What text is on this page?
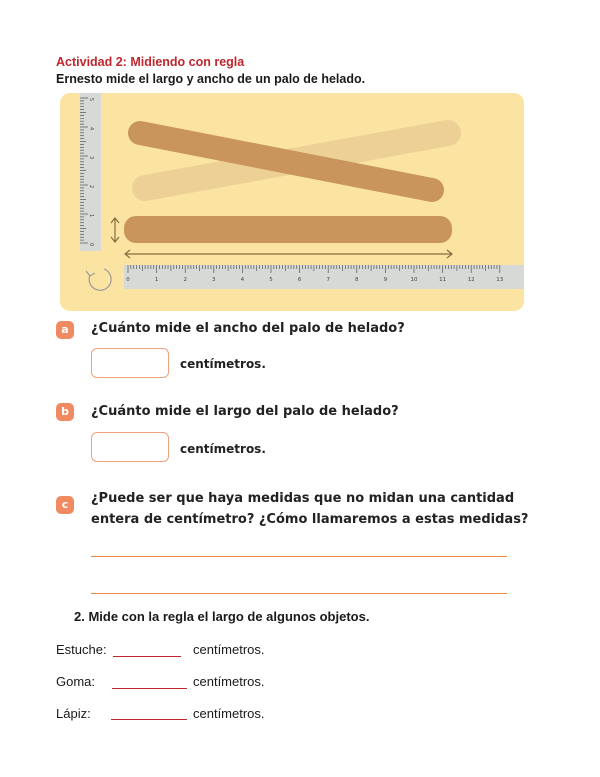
Actividad 2: Midiendo con regla
Ernesto mide el largo y ancho de un palo de helado.
5
4
3
2
1
0
0	1	2	3	4	5	6	7	8	9	10	11	12	13
a	¿Cuánto mide el ancho del palo de helado?
centímetros.
b	¿Cuánto mide el largo del palo de helado?
centímetros.
c	¿Puede ser que haya medidas que no midan una cantidad
entera de centímetro? ¿Cómo llamaremos a estas medidas?
2. Mide con la regla el largo de algunos objetos.
Estuche:	centímetros.
Goma:	centímetros.
Lápiz:	centímetros.
